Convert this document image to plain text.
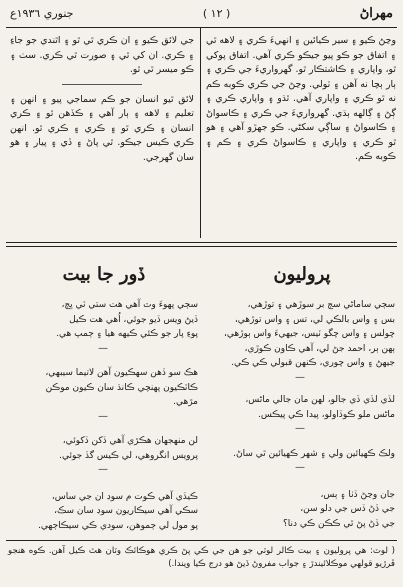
جنوري ١٩٣٦ع	( ١٢ )	مهراڻ

وڃڻ ڪيو ۽ سير ڪيائين ۽ انهيءَ ڪري ۽ لاهه ٿي ۽ اتفاق جو ڪو پيو جيڪو ڪري آهي. اتفاق پوکي ٿو، واپاري ۽ ڪاشتڪار ٿو. گهرواريءَ جي ڪري ۽ ٻار ٻچا نه آهن ۽ ٽولي. وڃڻ جي ڪري ڪوبه ڪم نه ٿو ڪري ۽ واپاري آهي. ٿڌو ۽ واپاري ڪري ۽ ڳڻ ۽ ڳالهه ٻڌي. گهرواريءَ جي ڪري ۽ ڪاسواڻ ۽ ڪاسواڻ ۽ ساڳي سکڻي. ڪو جهڙو آهي ۽ هو ٿو ڪري ۽ واپاري ۽ ڪاسواڻ ڪري ۽ ڪم ۽ ڪوبه ڪم.

جي لائق ڪيو ۽ ان ڪري ٿي ٿو ۽ اٿندي جو جاءِ ۽ ڪري. ان کي ٿي ۽ صورت ٿي ڪري. سٺ ۽ ڪو ميسر ٿي ٿو.

لائق ٿيو انسان جو ڪم سماجي پيو ۽ انهن ۽ تعليم ۽ لاهه ۽ ٻار آهي ۽ ڪڏهن ٿو ۽ ڪري انسان ۽ ڪري ٿو ۽ ڪري ۽ ڪري ٿو. انهن ڪري ڪيس جيڪو. ٿي پاڻ ۽ ڏي ۽ پيار ۽ هو سان گهرجي.

پروليون
ڏور جا بيت
سڄي ساماڻي سڄ بر سوڙهي ۽ توڙهي،
بس ۽ واس بالڪي لي، تس ۽ واس توڙهي،
چولس ۽ واس چگو ٽيس، جيهيءَ واس ٻوڙهي،
ٻهن ٻر، احمد جڻ لي، آهي ڪاون ڪوڙي،
جيهڻ ۽ واس چوري، ڪنهن قبولي ڪي ڪي.
—
لڏي لڏي ڏي جالو، لهن مان جالي ماڻس،
ماڻس ملو ڪوڏاولو، پيدا ڪي پيڪس.
—
ولڪ ڪهيائين ولي ۽ شهر ڪهيائين ٿي ساڻ.
—
جان وڃڻ ڏٺا ۽ ٻس،
جي ڏڻ ڏس جي دلو سن،
جي ڏڻ پڻ ٿي ڪڪن ڪي دنا؟
سڄي پهوءَ وٽ آهي هت ستي ٽي ڀڄ،
ڏيڻ ويس ڏيو جوئي، اُهي هت ڪيل
پوءِ پار جو ڪئي ڪيهه هيا ۽ ڄمپ هي.
—
هڪ سو ڏهن سهڪيون آهن لاتيما سيبهي،
ڪاٽڪيون پهنچي ڪانڌ سان ڪيون موڪن
مڙهي.
—
لن منهجهان هڪڙي آهي ڏکن ڏکوئي،
پرويس انگروهي، لي ڪيس گڏ جوئي.
—
ڪيڏي آهي ڪوت م سوڊ ان جي ساس،
سڪي آهي سيڪاريون سوڊ سان سڪ،
پو مول لي ڄموهن، سودي ڪي سيڪاڄهي.
( لوٽ: هي پروليون ۽ بيت ڪالر لوٽي جو هن جي ڪي پڻ ڪري هوڪائڪ وٽان هٿ ڪيل آهن. ڪوه هنجو ڦرڙيو قولهي موڪلائيندڙ ۽ جواب مفروڻ ڏيڻ هو درج ڪيا ويندا.)
